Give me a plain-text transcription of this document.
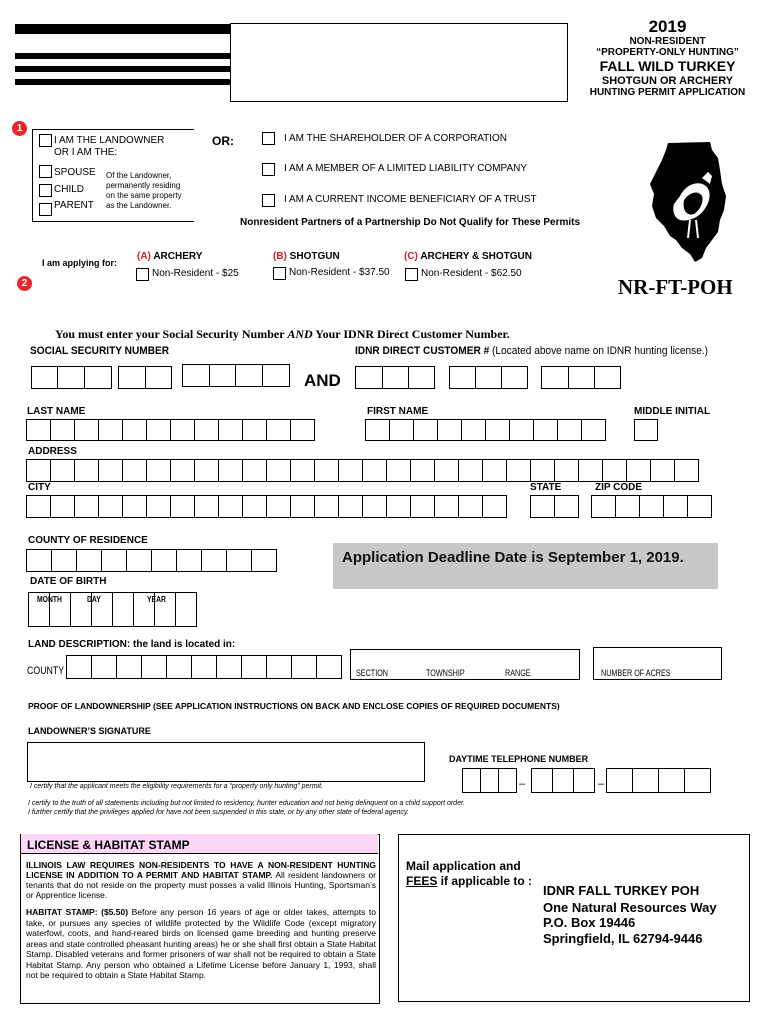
2019
NON-RESIDENT
“PROPERTY-ONLY HUNTING”
FALL WILD TURKEY
SHOTGUN OR ARCHERY
HUNTING PERMIT APPLICATION
1
I AM THE LANDOWNER
OR I AM THE:
SPOUSE
CHILD
PARENT
Of the Landowner,
permanently residing
on the same property
as the Landowner.
OR:	I AM THE SHAREHOLDER OF A CORPORATION
I AM A MEMBER OF A LIMITED LIABILITY COMPANY
I AM A CURRENT INCOME BENEFICIARY OF A TRUST
Nonresident Partners of a Partnership Do Not Qualify for These Permits
I am applying for:
2
(A) ARCHERY
Non-Resident - $25
(B) SHOTGUN
Non-Resident - $37.50
(C) ARCHERY & SHOTGUN
Non-Resident - $62.50
NR-FT-POH
You must enter your Social Security Number AND Your IDNR Direct Customer Number.
SOCIAL SECURITY NUMBER	IDNR DIRECT CUSTOMER # (Located above name on IDNR hunting license.)
AND
LAST NAME	FIRST NAME	MIDDLE INITIAL
ADDRESS
CITY	STATE	ZIP CODE
COUNTY OF RESIDENCE
Application Deadline Date is September 1, 2019.
DATE OF BIRTH
MONTH	DAY	YEAR
LAND DESCRIPTION: the land is located in:
COUNTY	SECTION	TOWNSHIP	RANGE	NUMBER OF ACRES
PROOF OF LANDOWNERSHIP (SEE APPLICATION INSTRUCTIONS ON BACK AND ENCLOSE COPIES OF REQUIRED DOCUMENTS)
LANDOWNER’S SIGNATURE
I certify that the applicant meets the eligibility requirements for a “property only hunting” permit.
DAYTIME TELEPHONE NUMBER
–	–
I certify to the truth of all statements including but not limited to residency, hunter education and not being delinquent on a child support order.
I further certify that the privileges applied for have not been suspended in this state, or by any other state of federal agency.
LICENSE & HABITAT STAMP
ILLINOIS LAW REQUIRES NON-RESIDENTS TO HAVE A NON-RESIDENT HUNTING LICENSE IN ADDITION TO A PERMIT AND HABITAT STAMP. All resident landowners or tenants that do not reside on the property must posses a valid Illinois Hunting, Sportsman’s or Apprentice license.
HABITAT STAMP: ($5.50) Before any person 16 years of age or older takes, attempts to take, or pursues any species of wildlife protected by the Wildlife Code (except migratory waterfowl, coots, and hand-reared birds on licensed game breeding and hunting preserve areas and state controlled pheasant hunting areas) he or she shall first obtain a State Habitat Stamp. Disabled veterans and former prisoners of war shall not be required to obtain a State Habitat Stamp. Any person who obtained a Lifetime License before January 1, 1993, shall not be required to obtain a State Habitat Stamp.
Mail application and
FEES if applicable to :
IDNR FALL TURKEY POH
One Natural Resources Way
P.O. Box 19446
Springfield, IL 62794-9446
